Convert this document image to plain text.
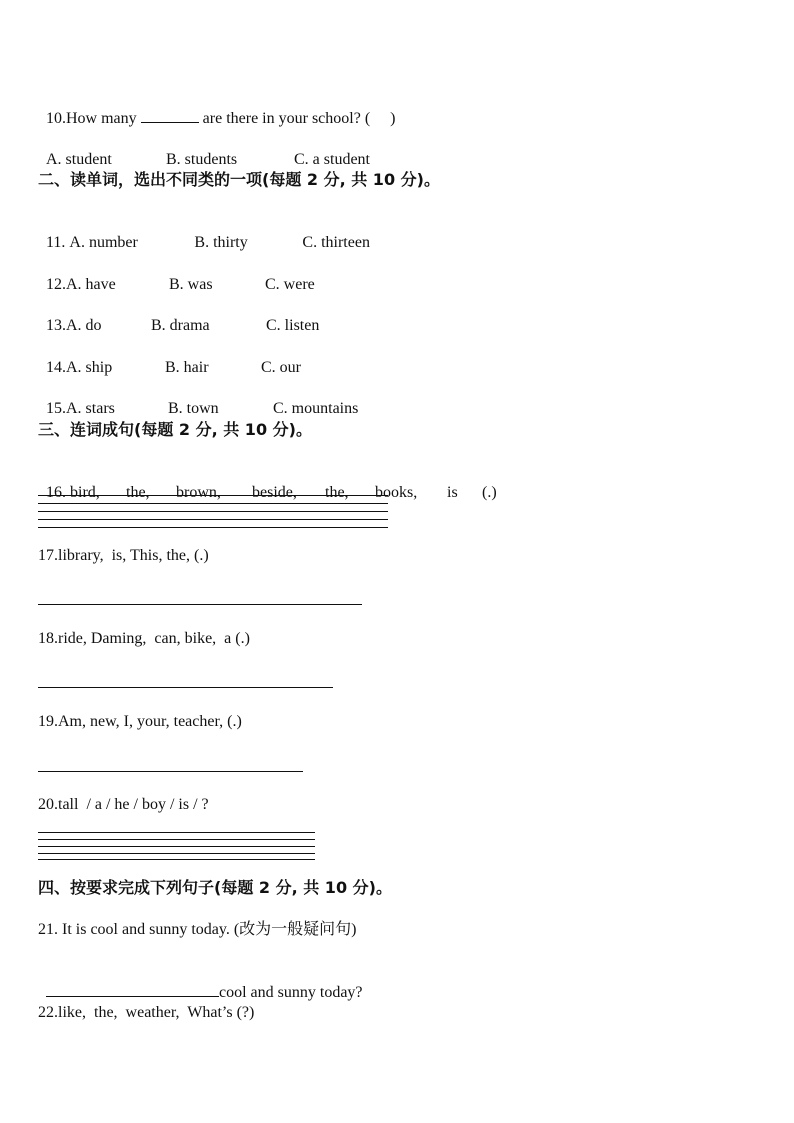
10.How many	are there in your school? (     )

A. student	B. students	C. a student

二、读单词，选出不同类的一项(每题 2 分, 共 10 分)。

11. A. number	B. thirty	C. thirteen

12.A. have	B. was	C. were

13.A. do	B. drama	C. listen

14.A. ship	B. hair	C. our

15.A. stars	B. town	C. mountains

三、连词成句(每题 2 分, 共 10 分)。

16. bird, the, brown, beside, the, books, is (.)

17.library,  is, This, the, (.)
18.ride, Daming,  can, bike,  a (.)
19.Am, new, I, your, teacher, (.)
20.tall  / a / he / boy / is / ?
四、按要求完成下列句子(每题 2 分, 共 10 分)。
21. It is cool and sunny today. (改为一般疑问句)

cool and sunny today?

22.like,  the,  weather,  What’s (?)
